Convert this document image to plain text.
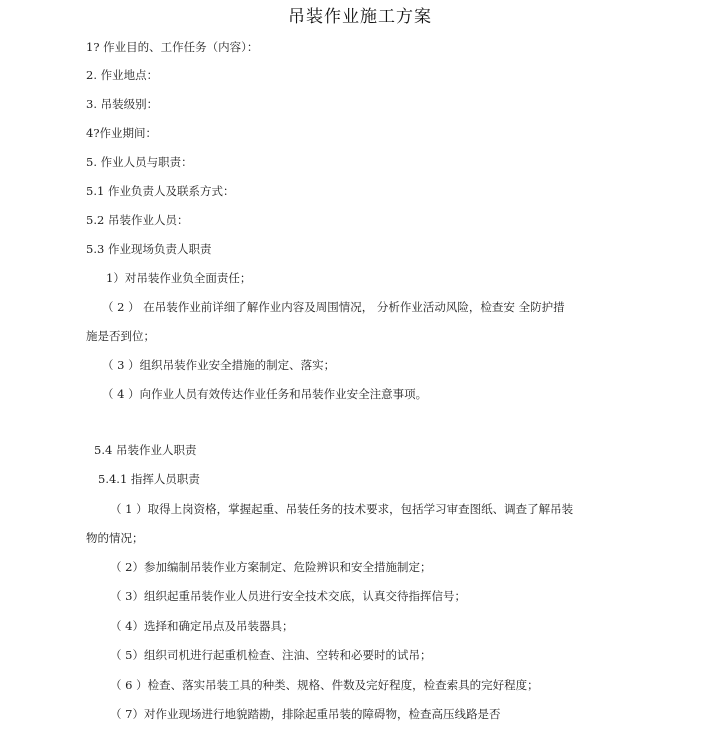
吊装作业施工方案
1? 作业目的、工作任务（内容）：
2. 作业地点：
3. 吊装级别：
4?作业期间：
5. 作业人员与职责：
5.1 作业负责人及联系方式：
5.2 吊装作业人员：
5.3 作业现场负责人职责
1）对吊装作业负全面责任；
（ 2 ） 在吊装作业前详细了解作业内容及周围情况， 分析作业活动风险，检查安 全防护措
施是否到位；
（ 3 ）组织吊装作业安全措施的制定、落实；
（ 4 ）向作业人员有效传达作业任务和吊装作业安全注意事项。
5.4 吊装作业人职责
5.4.1 指挥人员职责
（ 1 ）取得上岗资格，掌握起重、吊装任务的技术要求，包括学习审查图纸、调查了解吊装
物的情况；
（ 2）参加编制吊装作业方案制定、危险辨识和安全措施制定；
（ 3）组织起重吊装作业人员进行安全技术交底，认真交待指挥信号；
（ 4）选择和确定吊点及吊装器具；
（ 5）组织司机进行起重机检查、注油、空转和必要时的试吊；
（ 6 ）检查、落实吊装工具的种类、规格、件数及完好程度，检查索具的完好程度；
（ 7）对作业现场进行地貌踏勘，排除起重吊装的障碍物，检查高压线路是否
